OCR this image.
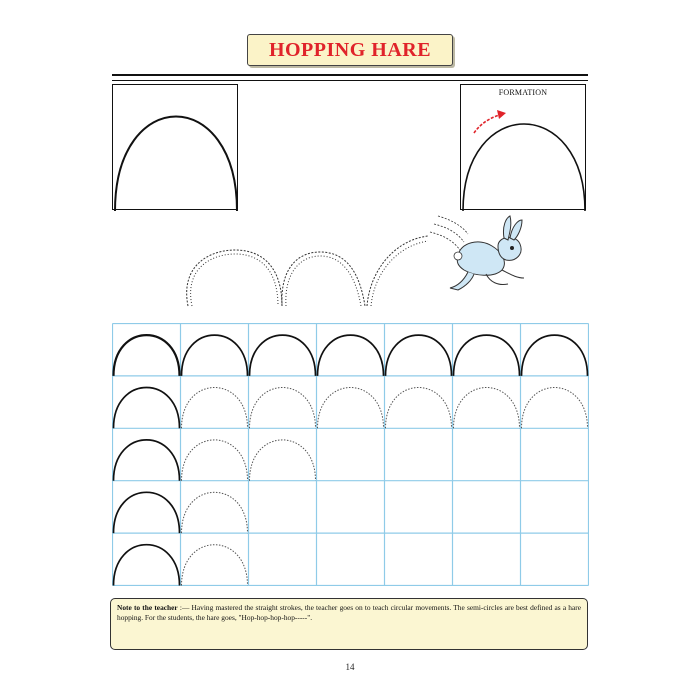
HOPPING HARE
FORMATION
Note to the teacher :— Having mastered the straight strokes, the teacher goes on to teach circular movements. The semi-circles are best defined as a hare hopping. For the students, the hare goes, "Hop-hop-hop-hop-----".
14
